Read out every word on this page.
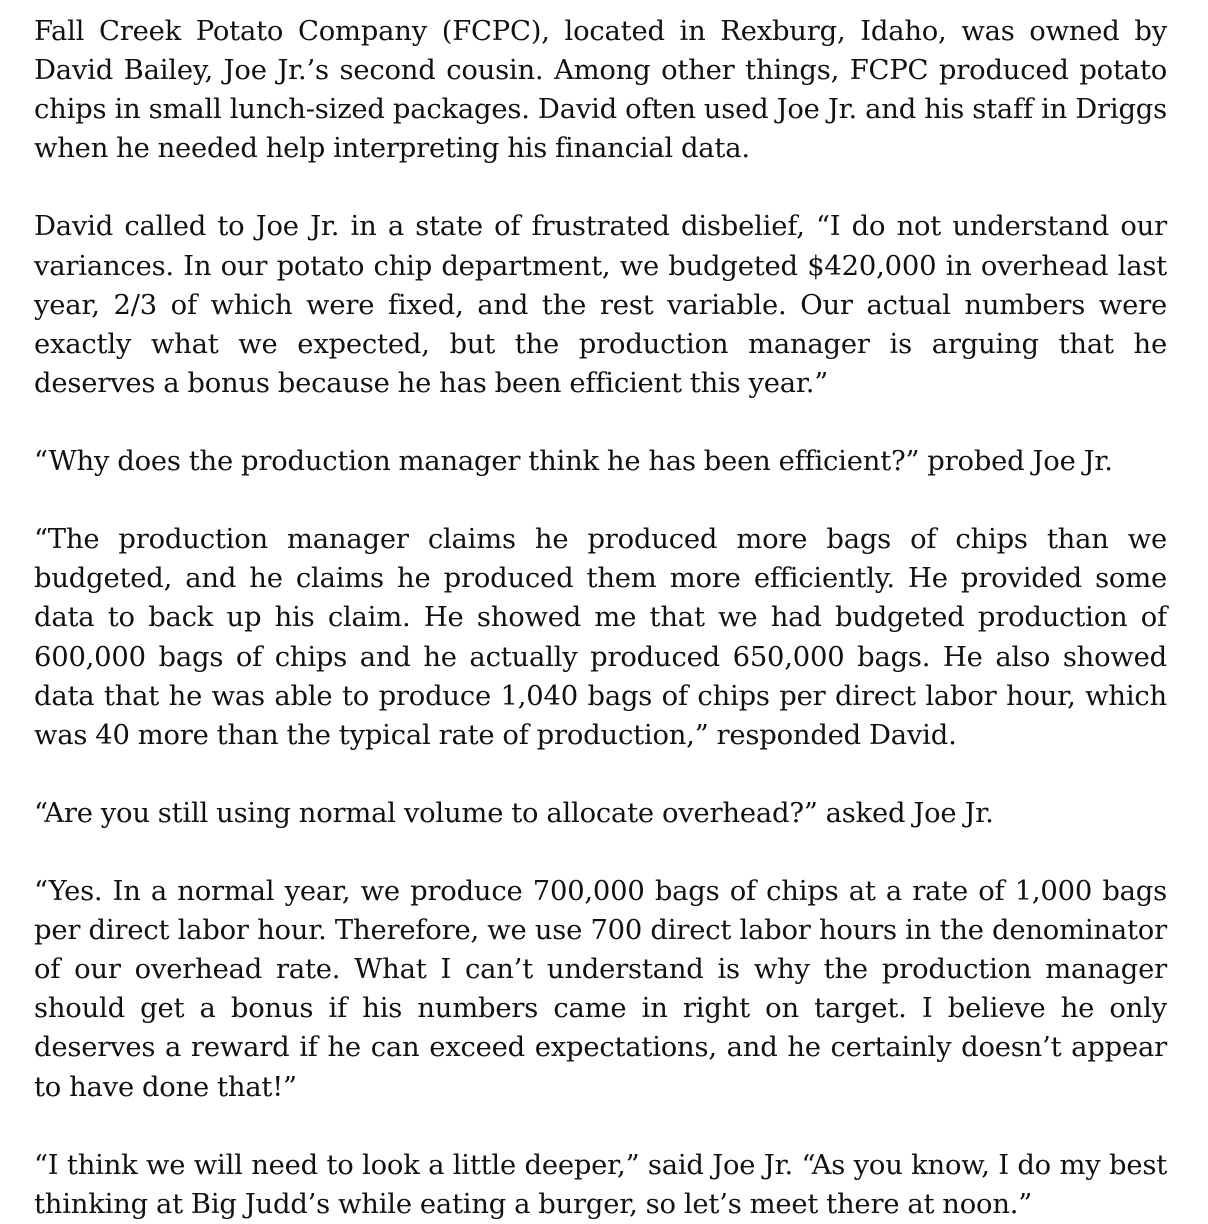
Fall Creek Potato Company (FCPC), located in Rexburg, Idaho, was owned by David Bailey, Joe Jr.’s second cousin. Among other things, FCPC produced potato chips in small lunch-sized packages. David often used Joe Jr. and his staff in Driggs when he needed help interpreting his financial data.

David called to Joe Jr. in a state of frustrated disbelief, “I do not understand our variances. In our potato chip department, we budgeted $420,000 in overhead last year, 2/3 of which were fixed, and the rest variable. Our actual numbers were exactly what we expected, but the production manager is arguing that he deserves a bonus because he has been efficient this year.”

“Why does the production manager think he has been efficient?” probed Joe Jr.

“The production manager claims he produced more bags of chips than we budgeted, and he claims he produced them more efficiently. He provided some data to back up his claim. He showed me that we had budgeted production of 600,000 bags of chips and he actually produced 650,000 bags. He also showed data that he was able to produce 1,040 bags of chips per direct labor hour, which was 40 more than the typical rate of production,” responded David.

“Are you still using normal volume to allocate overhead?” asked Joe Jr.

“Yes. In a normal year, we produce 700,000 bags of chips at a rate of 1,000 bags per direct labor hour. Therefore, we use 700 direct labor hours in the denominator of our overhead rate. What I can’t understand is why the production manager should get a bonus if his numbers came in right on target. I believe he only deserves a reward if he can exceed expectations, and he certainly doesn’t appear to have done that!”

“I think we will need to look a little deeper,” said Joe Jr. “As you know, I do my best thinking at Big Judd’s while eating a burger, so let’s meet there at noon.”
